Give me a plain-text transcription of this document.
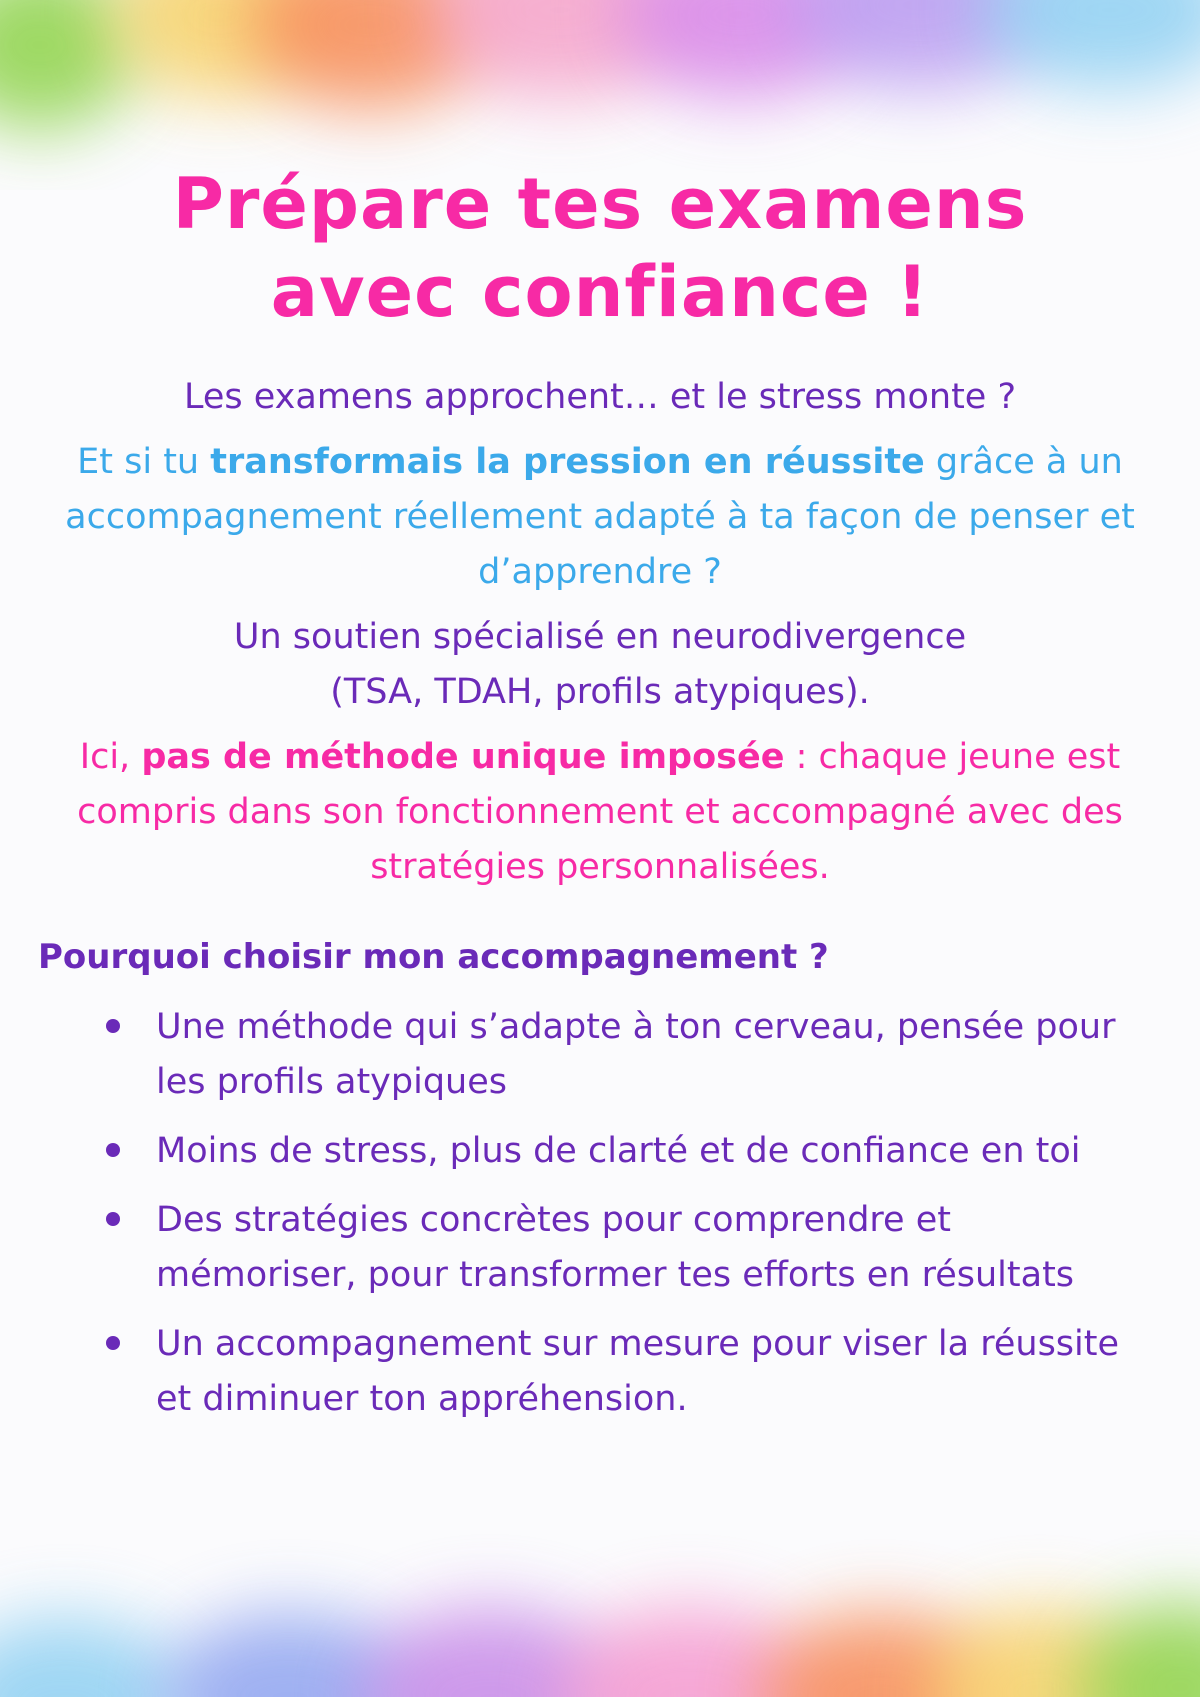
Prépare tes examens
avec confiance !

Les examens approchent… et le stress monte ?

Et si tu transformais la pression en réussite grâce à un accompagnement réellement adapté à ta façon de penser et d’apprendre ?

Un soutien spécialisé en neurodivergence
(TSA, TDAH, profils atypiques).

Ici, pas de méthode unique imposée : chaque jeune est compris dans son fonctionnement et accompagné avec des stratégies personnalisées.

Pourquoi choisir mon accompagnement ?
Une méthode qui s’adapte à ton cerveau, pensée pour les profils atypiques
Moins de stress, plus de clarté et de confiance en toi
Des stratégies concrètes pour comprendre et mémoriser, pour transformer tes efforts en résultats
Un accompagnement sur mesure pour viser la réussite et diminuer ton appréhension.
